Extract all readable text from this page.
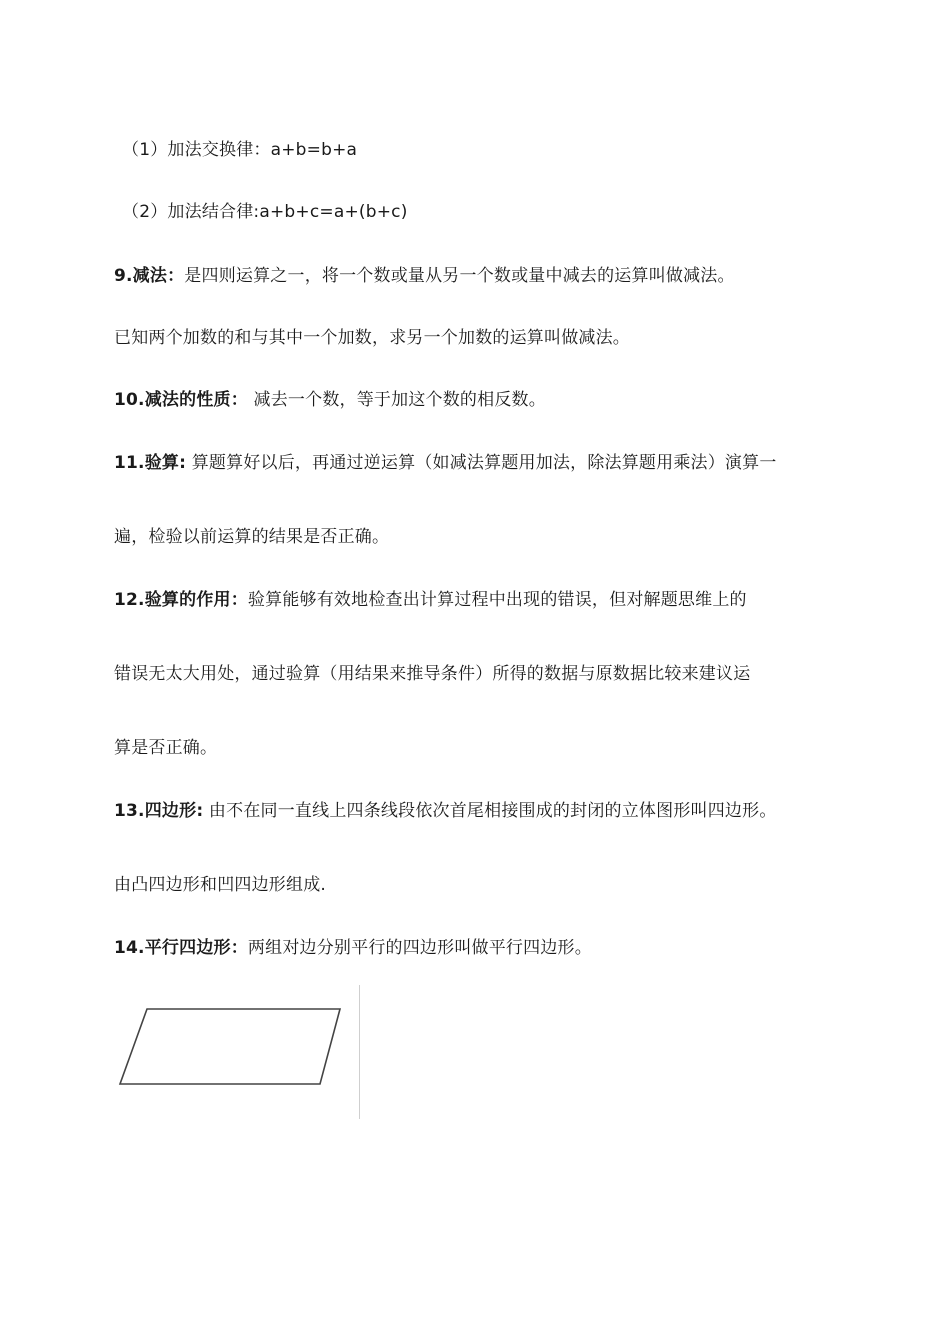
（1）加法交换律：a+b=b+a
（2）加法结合律:a+b+c=a+(b+c)
9.减法：是四则运算之一，将一个数或量从另一个数或量中减去的运算叫做减法。
已知两个加数的和与其中一个加数，求另一个加数的运算叫做减法。
10.减法的性质： 减去一个数，等于加这个数的相反数。
11.验算: 算题算好以后，再通过逆运算（如减法算题用加法，除法算题用乘法）演算一
遍，检验以前运算的结果是否正确。
12.验算的作用：验算能够有效地检查出计算过程中出现的错误，但对解题思维上的
错误无太大用处，通过验算（用结果来推导条件）所得的数据与原数据比较来建议运
算是否正确。
13.四边形: 由不在同一直线上四条线段依次首尾相接围成的封闭的立体图形叫四边形。
由凸四边形和凹四边形组成.
14.平行四边形：两组对边分别平行的四边形叫做平行四边形。
